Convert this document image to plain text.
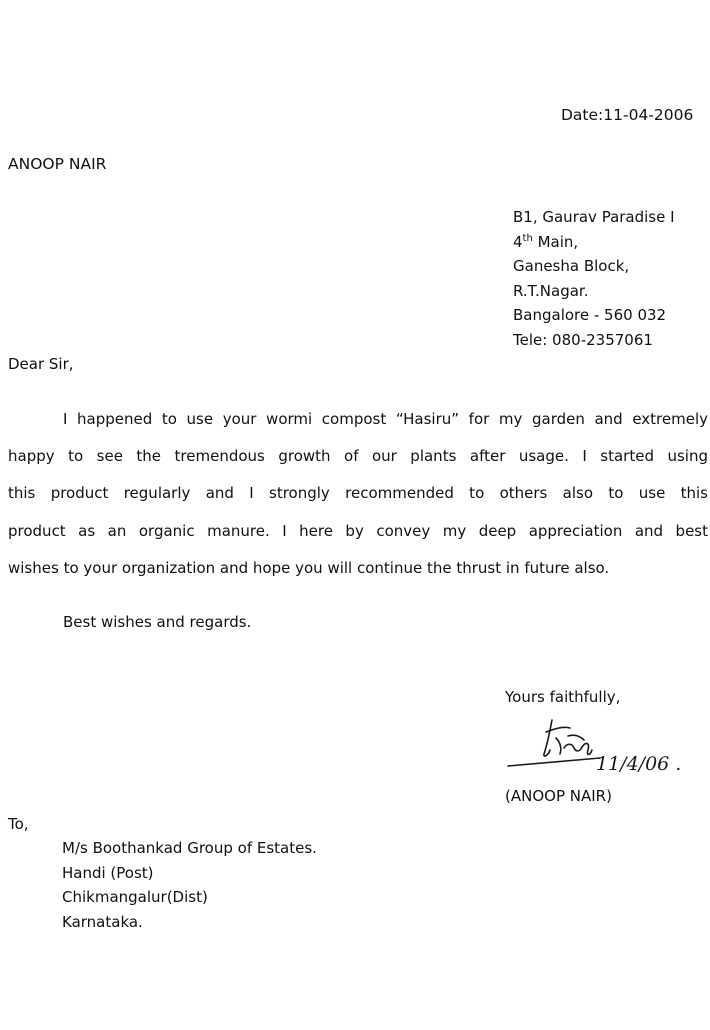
Date:11-04-2006

ANOOP NAIR

B1, Gaurav Paradise I
4th Main,
Ganesha Block,
R.T.Nagar.
Bangalore - 560 032
Tele: 080-2357061

Dear Sir,

I happened to use your wormi compost “Hasiru” for my garden and extremely
happy to see the tremendous growth of our plants after usage. I started using
this product regularly and I strongly recommended to others also to use this
product as an organic manure. I here by convey my deep appreciation and best
wishes to your organization and hope you will continue the thrust in future also.

Best wishes and regards.

Yours faithfully,

11/4/06 .

(ANOOP NAIR)

To,

M/s Boothankad Group of Estates.
Handi (Post)
Chikmangalur(Dist)
Karnataka.
